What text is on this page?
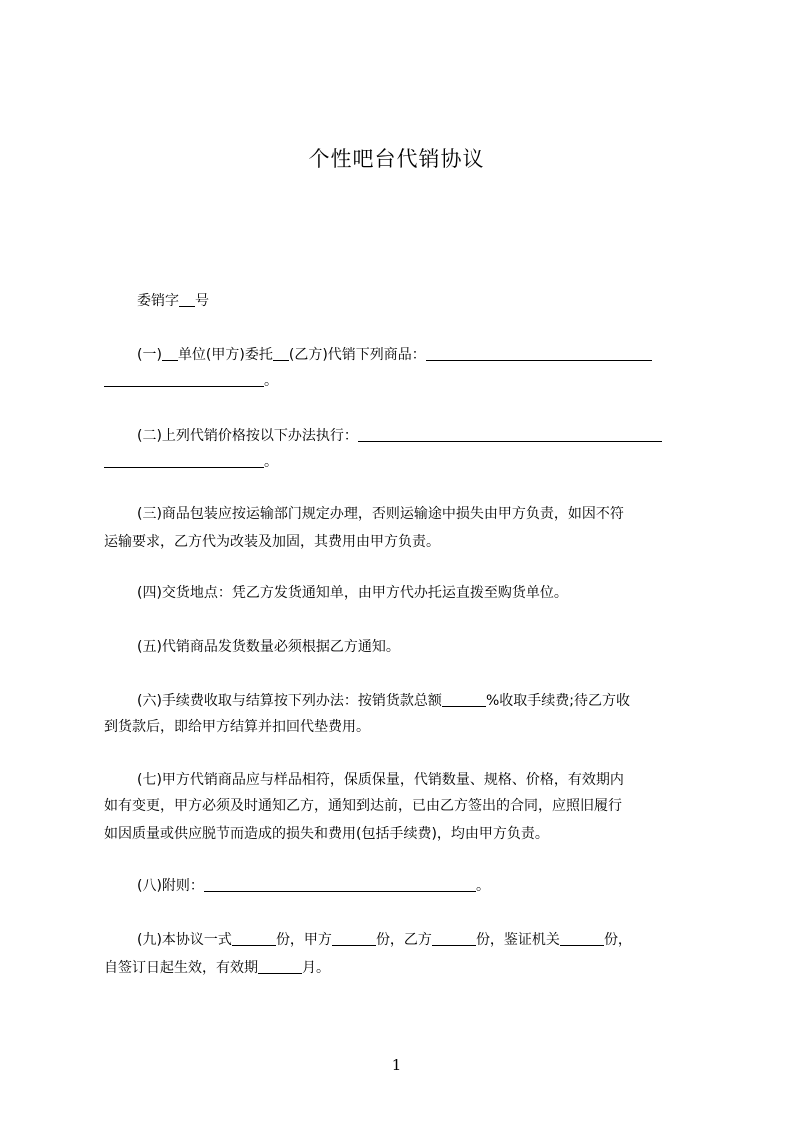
个性吧台代销协议
委销字 号
(一) 单位(甲方)委托 (乙方)代销下列商品：
。
(二)上列代销价格按以下办法执行：
。
(三)商品包装应按运输部门规定办理，否则运输途中损失由甲方负责，如因不符
运输要求，乙方代为改装及加固，其费用由甲方负责。
(四)交货地点：凭乙方发货通知单，由甲方代办托运直拨至购货单位。
(五)代销商品发货数量必须根据乙方通知。
(六)手续费收取与结算按下列办法：按销货款总额	%收取手续费;待乙方收
到货款后，即给甲方结算并扣回代垫费用。
(七)甲方代销商品应与样品相符，保质保量，代销数量、规格、价格，有效期内
如有变更，甲方必须及时通知乙方，通知到达前，已由乙方签出的合同，应照旧履行
如因质量或供应脱节而造成的损失和费用(包括手续费)，均由甲方负责。
(八)附则：	。
(九)本协议一式	份，甲方	份，乙方	份，鉴证机关	份，
自签订日起生效，有效期	月。
1
